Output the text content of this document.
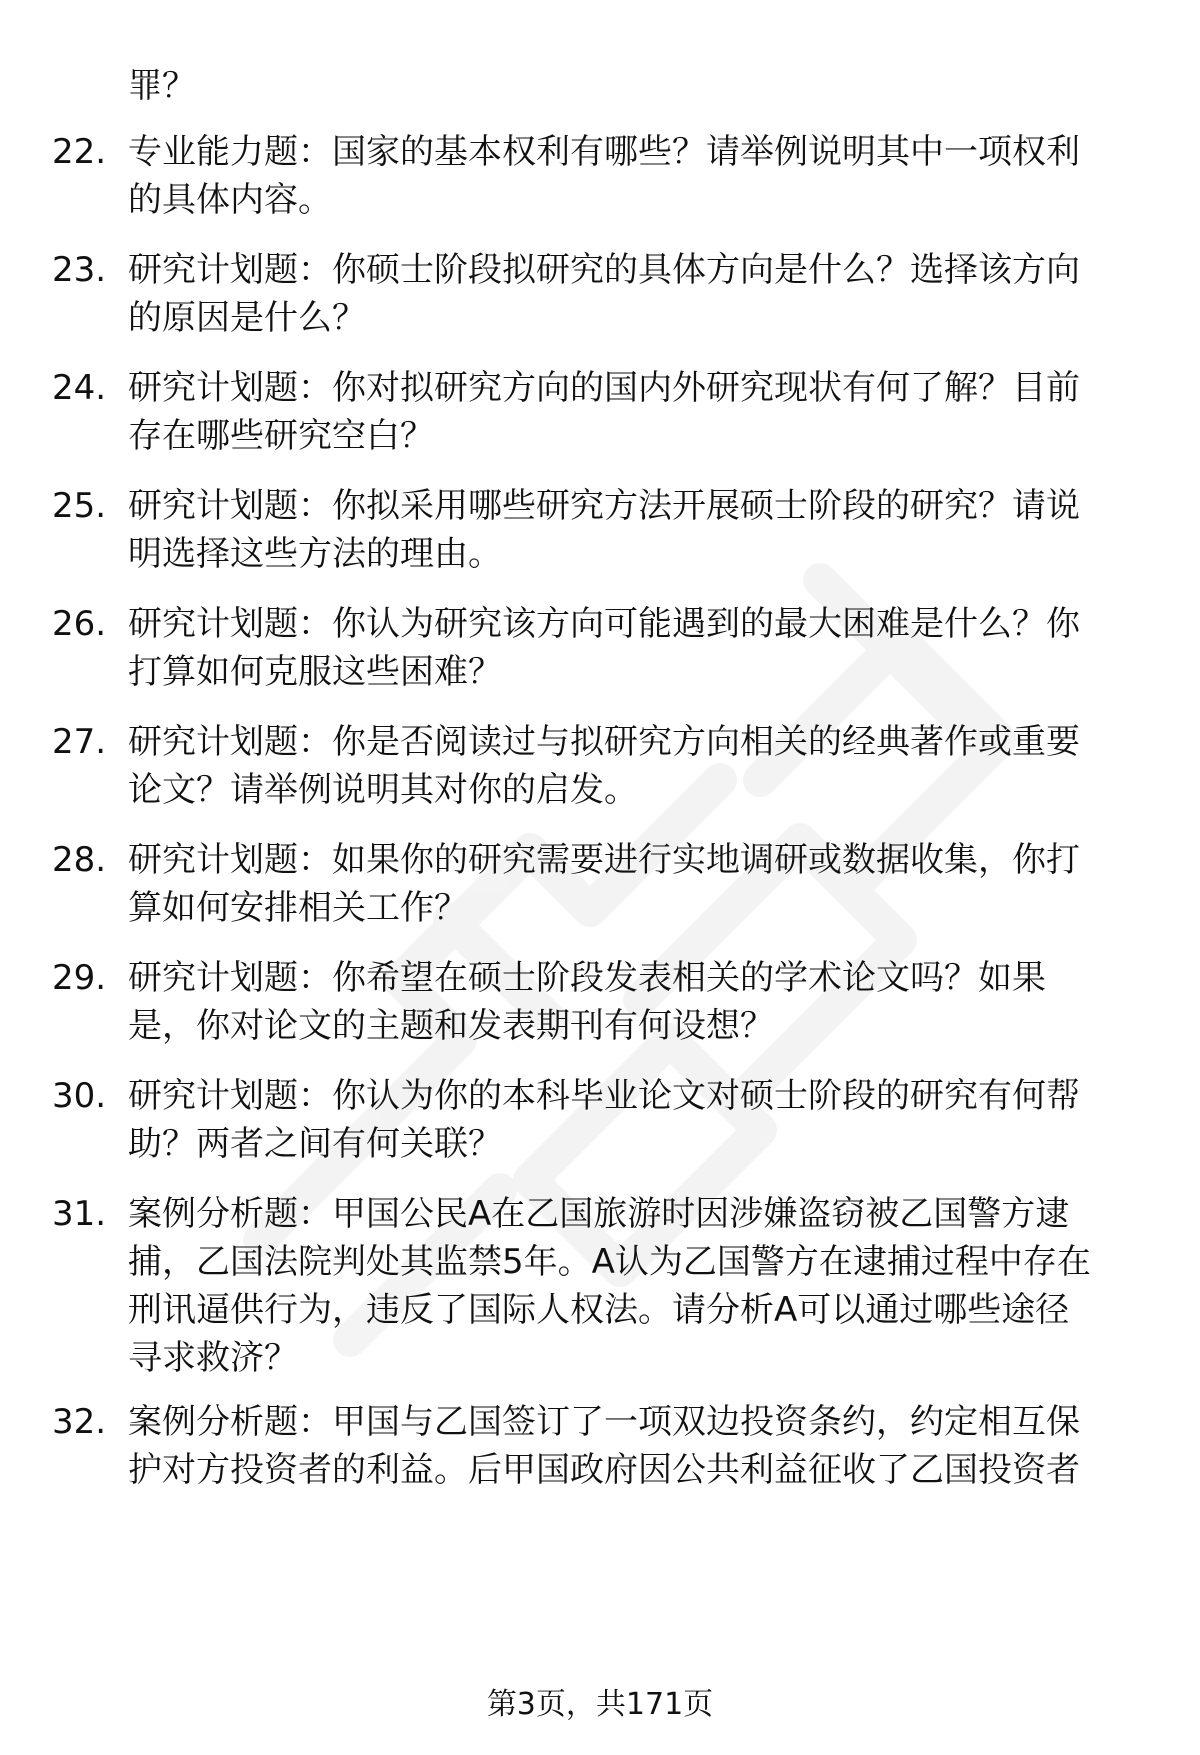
罪？
22. 专业能力题：国家的基本权利有哪些？请举例说明其中一项权利
的具体内容。
23. 研究计划题：你硕士阶段拟研究的具体方向是什么？选择该方向
的原因是什么？
24. 研究计划题：你对拟研究方向的国内外研究现状有何了解？目前
存在哪些研究空白？
25. 研究计划题：你拟采用哪些研究方法开展硕士阶段的研究？请说
明选择这些方法的理由。
26. 研究计划题：你认为研究该方向可能遇到的最大困难是什么？你
打算如何克服这些困难？
27. 研究计划题：你是否阅读过与拟研究方向相关的经典著作或重要
论文？请举例说明其对你的启发。
28. 研究计划题：如果你的研究需要进行实地调研或数据收集，你打
算如何安排相关工作？
29. 研究计划题：你希望在硕士阶段发表相关的学术论文吗？如果
是，你对论文的主题和发表期刊有何设想？
30. 研究计划题：你认为你的本科毕业论文对硕士阶段的研究有何帮
助？两者之间有何关联？
31. 案例分析题：甲国公民A在乙国旅游时因涉嫌盗窃被乙国警方逮
捕，乙国法院判处其监禁5年。A认为乙国警方在逮捕过程中存在
刑讯逼供行为，违反了国际人权法。请分析A可以通过哪些途径
寻求救济？
32. 案例分析题：甲国与乙国签订了一项双边投资条约，约定相互保
护对方投资者的利益。后甲国政府因公共利益征收了乙国投资者
第3页，共171页
